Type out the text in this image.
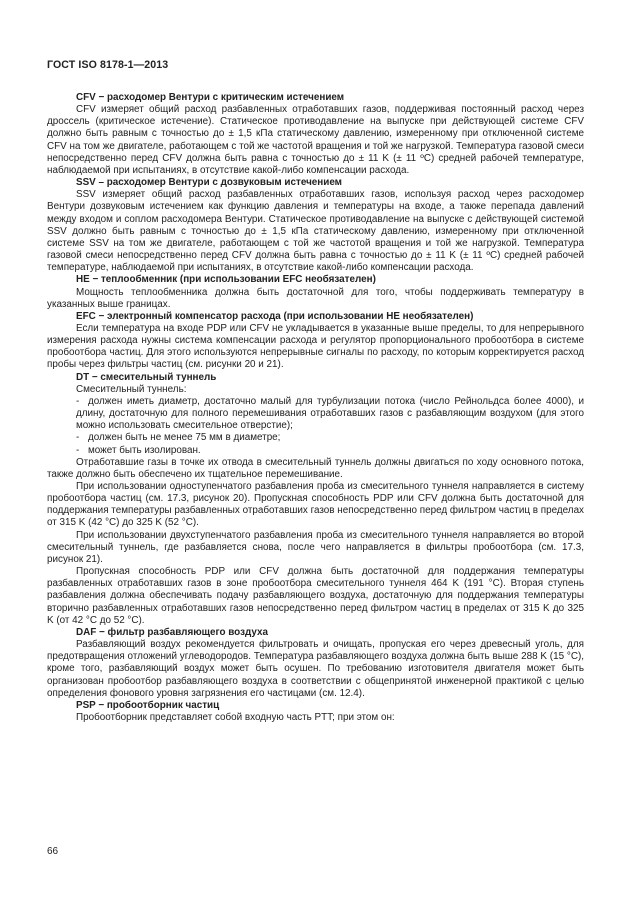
ГОСТ ISO 8178-1—2013

CFV − расходомер Вентури с критическим истечением

CFV измеряет общий расход разбавленных отработавших газов, поддерживая постоянный расход через дроссель (критическое истечение). Статическое противодавление на выпуске при действующей системе CFV должно быть равным с точностью до ± 1,5 кПа статическому давлению, измеренному при отключенной системе CFV на том же двигателе, работающем с той же частотой вращения и той же нагрузкой. Температура газовой смеси непосредственно перед CFV должна быть равна с точностью до ± 11 K (± 11 ºC) средней рабочей температуре, наблюдаемой при испытаниях, в отсутствие какой-либо компенсации расхода.

SSV – расходомер Вентури с дозвуковым истечением

SSV измеряет общий расход разбавленных отработавших газов, используя расход через расходомер Вентури дозвуковым истечением как функцию давления и температуры на входе, а также перепада давлений между входом и соплом расходомера Вентури. Статическое противодавление на выпуске с действующей системой SSV должно быть равным с точностью до ± 1,5 кПа статическому давлению, измеренному при отключенной системе SSV на том же двигателе, работающем с той же частотой вращения и той же нагрузкой. Температура газовой смеси непосредственно перед CFV должна быть равна с точностью до ± 11 K (± 11 ºC) средней рабочей температуре, наблюдаемой при испытаниях, в отсутствие какой-либо компенсации расхода.

HE − теплообменник (при использовании EFC необязателен)

Мощность теплообменника должна быть достаточной для того, чтобы поддерживать температуру в указанных выше границах.

EFC − электронный компенсатор расхода (при использовании HE необязателен)

Если температура на входе PDP или CFV не укладывается в указанные выше пределы, то для непрерывного измерения расхода нужны система компенсации расхода и регулятор пропорционального пробоотбора в системе пробоотбора частиц. Для этого используются непрерывные сигналы по расходу, по которым корректируется расход пробы через фильтры частиц (см. рисунки 20 и 21).

DT − смесительный туннель

Смесительный туннель:

- должен иметь диаметр, достаточно малый для турбулизации потока (число Рейнольдса более 4000), и длину, достаточную для полного перемешивания отработавших газов с разбавляющим воздухом (для этого можно использовать смесительное отверстие);

- должен быть не менее 75 мм в диаметре;

- может быть изолирован.

Отработавшие газы в точке их отвода в смесительный туннель должны двигаться по ходу основного потока, также должно быть обеспечено их тщательное перемешивание.

При использовании одноступенчатого разбавления проба из смесительного туннеля направляется в систему пробоотбора частиц (см. 17.3, рисунок 20). Пропускная способность PDP или CFV должна быть достаточной для поддержания температуры разбавленных отработавших газов непосредственно перед фильтром частиц в пределах от 315 K (42 °C) до 325 K (52 °C).

При использовании двухступенчатого разбавления проба из смесительного туннеля направляется во второй смесительный туннель, где разбавляется снова, после чего направляется в фильтры пробоотбора (см. 17.3, рисунок 21).

Пропускная способность PDP или CFV должна быть достаточной для поддержания температуры разбавленных отработавших газов в зоне пробоотбора смесительного туннеля 464 K (191 °C). Вторая ступень разбавления должна обеспечивать подачу разбавляющего воздуха, достаточную для поддержания температуры вторично разбавленных отработавших газов непосредственно перед фильтром частиц в пределах от 315 K до 325 K (от 42 °C до 52 °C).

DAF − фильтр разбавляющего воздуха

Разбавляющий воздух рекомендуется фильтровать и очищать, пропуская его через древесный уголь, для предотвращения отложений углеводородов. Температура разбавляющего воздуха должна быть выше 288 K (15 °C), кроме того, разбавляющий воздух может быть осушен. По требованию изготовителя двигателя может быть организован пробоотбор разбавляющего воздуха в соответствии с общепринятой инженерной практикой с целью определения фонового уровня загрязнения его частицами (см. 12.4).

PSP − пробоотборник частиц

Пробоотборник представляет собой входную часть PTT; при этом он:

66
